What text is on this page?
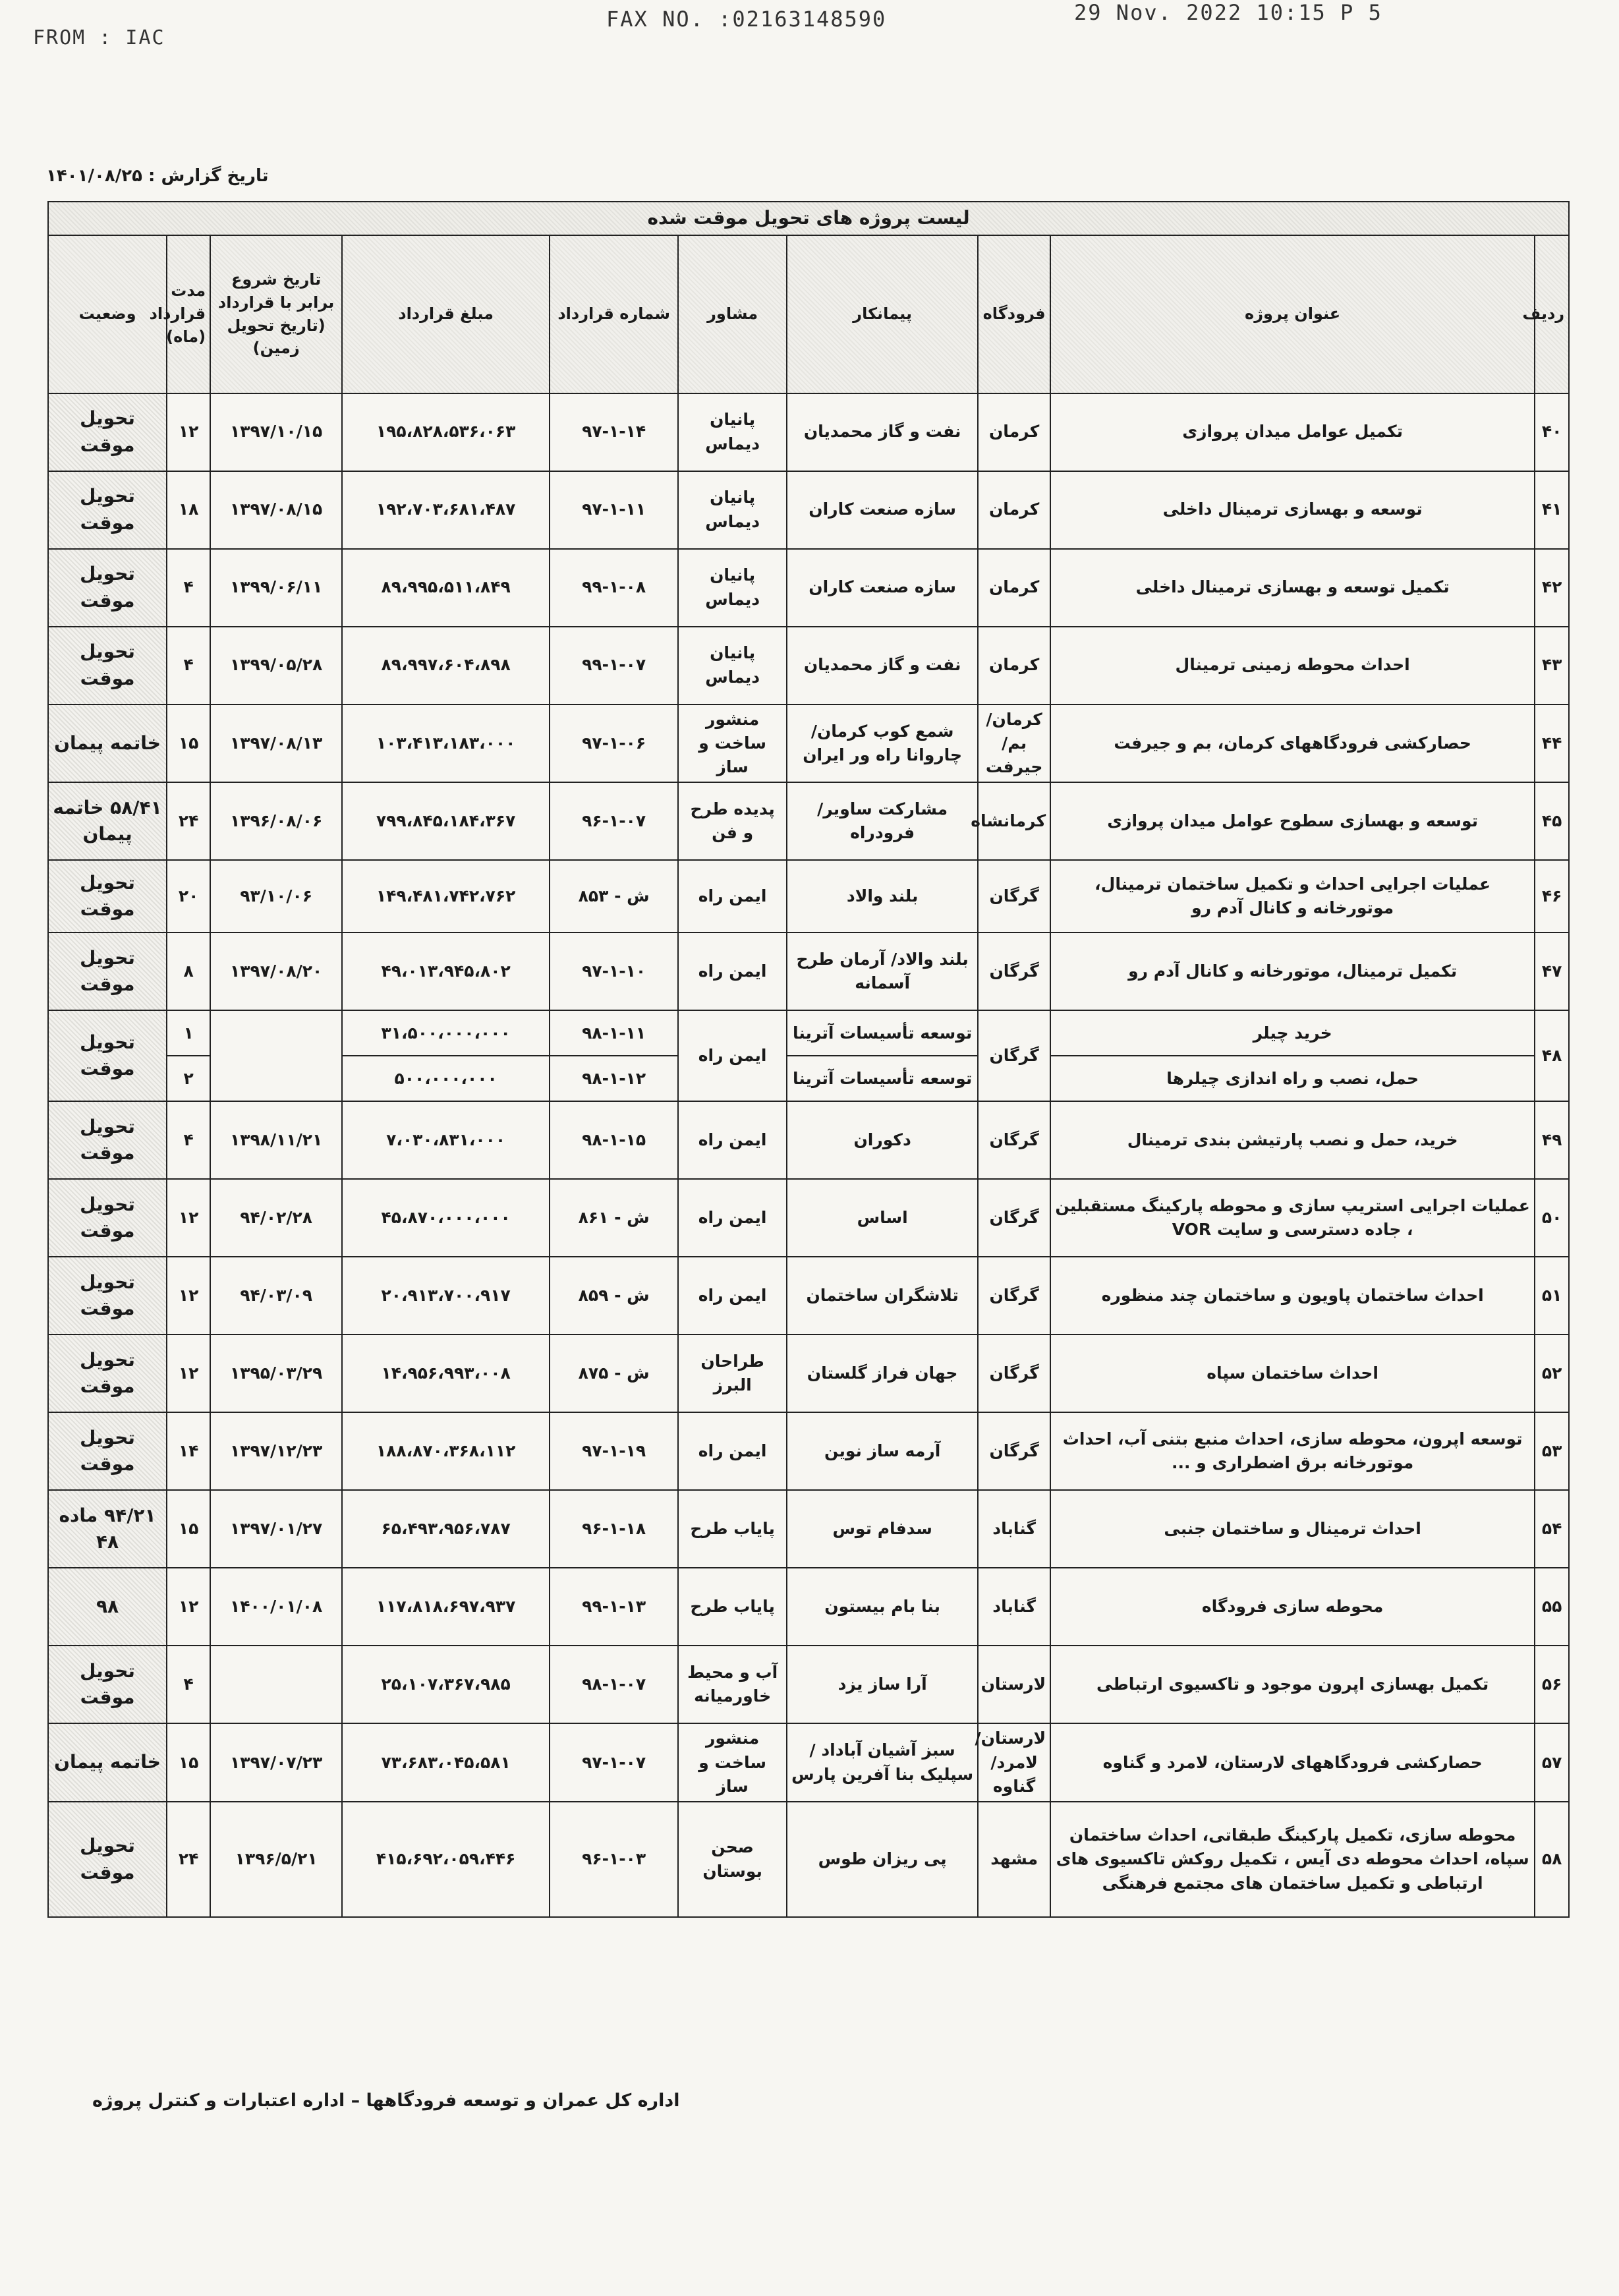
FROM : IAC
FAX NO. :02163148590	29 Nov. 2022 10:15 P 5
تاریخ گزارش : ۱۴۰۱/۰۸/۲۵
لیست پروژه های تحویل موقت شده									
ردیف	عنوان پروژه	فرودگاه	پیمانکار	مشاور	شماره قرارداد	مبلغ قرارداد	تاریخ شروع برابر با قرارداد (تاریخ تحویل زمین)	مدت قرارداد (ماه)	وضعیت
۴۰	تکمیل عوامل میدان پروازی	کرمان	نفت و گاز محمدیان	پانیان دیماس	۹۷-۱-۱۴	۱۹۵،۸۲۸،۵۳۶،۰۶۳	۱۳۹۷/۱۰/۱۵	۱۲	تحویل موقت
۴۱	توسعه و بهسازی ترمینال داخلی	کرمان	سازه صنعت کاران	پانیان دیماس	۹۷-۱-۱۱	۱۹۲،۷۰۳،۶۸۱،۴۸۷	۱۳۹۷/۰۸/۱۵	۱۸	تحویل موقت
۴۲	تکمیل توسعه و بهسازی ترمینال داخلی	کرمان	سازه صنعت کاران	پانیان دیماس	۹۹-۱-۰۸	۸۹،۹۹۵،۵۱۱،۸۴۹	۱۳۹۹/۰۶/۱۱	۴	تحویل موقت
۴۳	احداث محوطه زمینی ترمینال	کرمان	نفت و گاز محمدیان	پانیان دیماس	۹۹-۱-۰۷	۸۹،۹۹۷،۶۰۴،۸۹۸	۱۳۹۹/۰۵/۲۸	۴	تحویل موقت
۴۴	حصارکشی فرودگاههای کرمان، بم و جیرفت	کرمان/ بم/ جیرفت	شمع کوب کرمان/ چاروانا راه ور ایران	منشور ساخت و ساز	۹۷-۱-۰۶	۱۰۳،۴۱۳،۱۸۳،۰۰۰	۱۳۹۷/۰۸/۱۳	۱۵	خاتمه پیمان
۴۵	توسعه و بهسازی سطوح عوامل میدان پروازی	کرمانشاه	مشارکت ساویر/ فرودراه	پدیده طرح و فن	۹۶-۱-۰۷	۷۹۹،۸۴۵،۱۸۴،۳۶۷	۱۳۹۶/۰۸/۰۶	۲۴	۵۸/۴۱ خاتمه پیمان
۴۶	عملیات اجرایی احداث و تکمیل ساختمان ترمینال، موتورخانه و کانال آدم رو	گرگان	بلند والاد	ایمن راه	ش - ۸۵۳	۱۴۹،۴۸۱،۷۴۲،۷۶۲	۹۳/۱۰/۰۶	۲۰	تحویل موقت
۴۷	تکمیل ترمینال، موتورخانه و کانال آدم رو	گرگان	بلند والاد/ آرمان طرح آسمانه	ایمن راه	۹۷-۱-۱۰	۴۹،۰۱۳،۹۴۵،۸۰۲	۱۳۹۷/۰۸/۲۰	۸	تحویل موقت
۴۸	خرید چیلر	گرگان	توسعه تأسیسات آترینا	ایمن راه	۹۸-۱-۱۱	۳۱،۵۰۰،۰۰۰،۰۰۰		۱	تحویل موقت
	حمل، نصب و راه اندازی چیلرها		توسعه تأسیسات آترینا		۹۸-۱-۱۲	۵۰۰،۰۰۰،۰۰۰		۲	
۴۹	خرید، حمل و نصب پارتیشن بندی ترمینال	گرگان	دکوران	ایمن راه	۹۸-۱-۱۵	۷،۰۳۰،۸۳۱،۰۰۰	۱۳۹۸/۱۱/۲۱	۴	تحویل موقت
۵۰	عملیات اجرایی استریپ سازی و محوطه پارکینگ مستقبلین ، جاده دسترسی و سایت VOR	گرگان	اساس	ایمن راه	ش - ۸۶۱	۴۵،۸۷۰،۰۰۰،۰۰۰	۹۴/۰۲/۲۸	۱۲	تحویل موقت
۵۱	احداث ساختمان پاویون و ساختمان چند منظوره	گرگان	تلاشگران ساختمان	ایمن راه	ش - ۸۵۹	۲۰،۹۱۳،۷۰۰،۹۱۷	۹۴/۰۳/۰۹	۱۲	تحویل موقت
۵۲	احداث ساختمان سپاه	گرگان	جهان فراز گلستان	طراحان البرز	ش - ۸۷۵	۱۴،۹۵۶،۹۹۳،۰۰۸	۱۳۹۵/۰۳/۲۹	۱۲	تحویل موقت
۵۳	توسعه اپرون، محوطه سازی، احداث منبع بتنی آب، احداث موتورخانه برق اضطراری و ...	گرگان	آرمه ساز نوین	ایمن راه	۹۷-۱-۱۹	۱۸۸،۸۷۰،۳۶۸،۱۱۲	۱۳۹۷/۱۲/۲۳	۱۴	تحویل موقت
۵۴	احداث ترمینال و ساختمان جنبی	گناباد	سدفام توس	پاياب طرح	۹۶-۱-۱۸	۶۵،۴۹۳،۹۵۶،۷۸۷	۱۳۹۷/۰۱/۲۷	۱۵	۹۴/۲۱ ماده ۴۸
۵۵	محوطه سازی فرودگاه	گناباد	بنا بام بیستون	پاياب طرح	۹۹-۱-۱۳	۱۱۷،۸۱۸،۶۹۷،۹۳۷	۱۴۰۰/۰۱/۰۸	۱۲	۹۸
۵۶	تکمیل بهسازی اپرون موجود و تاکسیوی ارتباطی	لارستان	آرا ساز یزد	آب و محیط خاورمیانه	۹۸-۱-۰۷	۲۵،۱۰۷،۳۶۷،۹۸۵		۴	تحویل موقت
۵۷	حصارکشی فرودگاههای لارستان، لامرد و گناوه	لارستان/ لامرد/ گناوه	سبز آشیان آباداد / سپلیک بنا آفرین پارس	منشور ساخت و ساز	۹۷-۱-۰۷	۷۳،۶۸۳،۰۴۵،۵۸۱	۱۳۹۷/۰۷/۲۳	۱۵	خاتمه پیمان
۵۸	محوطه سازی، تکمیل پارکینگ طبقاتی، احداث ساختمان سپاه، احداث محوطه دی آیس ، تکمیل روکش تاکسیوی های ارتباطی و تکمیل ساختمان های مجتمع فرهنگی	مشهد	پی ریزان طوس	صحن بوستان	۹۶-۱-۰۳	۴۱۵،۶۹۲،۰۵۹،۴۴۶	۱۳۹۶/۵/۲۱	۲۴	تحویل موقت
اداره کل عمران و توسعه فرودگاهها – اداره اعتبارات و کنترل پروژه
